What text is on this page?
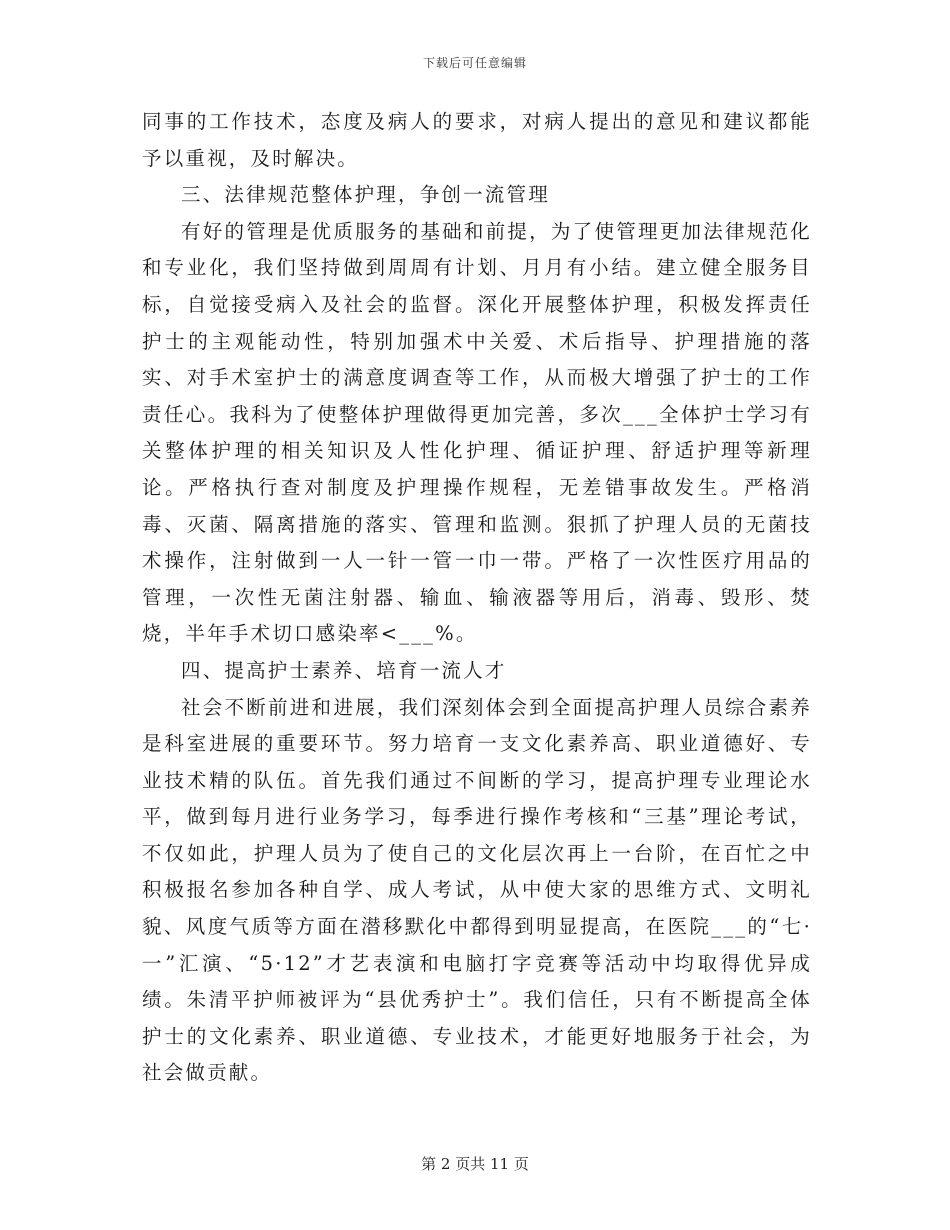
下载后可任意编辑

同事的工作技术，态度及病人的要求，对病人提出的意见和建议都能予以重视，及时解决。

三、法律规范整体护理，争创一流管理

有好的管理是优质服务的基础和前提，为了使管理更加法律规范化和专业化，我们坚持做到周周有计划、月月有小结。建立健全服务目标，自觉接受病入及社会的监督。深化开展整体护理，积极发挥责任护士的主观能动性，特别加强术中关爱、术后指导、护理措施的落实、对手术室护士的满意度调查等工作，从而极大增强了护士的工作责任心。我科为了使整体护理做得更加完善，多次___全体护士学习有关整体护理的相关知识及人性化护理、循证护理、舒适护理等新理论。严格执行查对制度及护理操作规程，无差错事故发生。严格消毒、灭菌、隔离措施的落实、管理和监测。狠抓了护理人员的无菌技术操作，注射做到一人一针一管一巾一带。严格了一次性医疗用品的管理，一次性无菌注射器、输血、输液器等用后，消毒、毁形、焚烧，半年手术切口感染率<___%。

四、提高护士素养、培育一流人才

社会不断前进和进展，我们深刻体会到全面提高护理人员综合素养是科室进展的重要环节。努力培育一支文化素养高、职业道德好、专业技术精的队伍。首先我们通过不间断的学习，提高护理专业理论水平，做到每月进行业务学习，每季进行操作考核和“三基”理论考试，不仅如此，护理人员为了使自己的文化层次再上一台阶，在百忙之中积极报名参加各种自学、成人考试，从中使大家的思维方式、文明礼貌、风度气质等方面在潜移默化中都得到明显提高，在医院___的“七·一”汇演、“5·12”才艺表演和电脑打字竞赛等活动中均取得优异成绩。朱清平护师被评为“县优秀护士”。我们信任，只有不断提高全体护士的文化素养、职业道德、专业技术，才能更好地服务于社会，为社会做贡献。

第 2 页共 11 页
